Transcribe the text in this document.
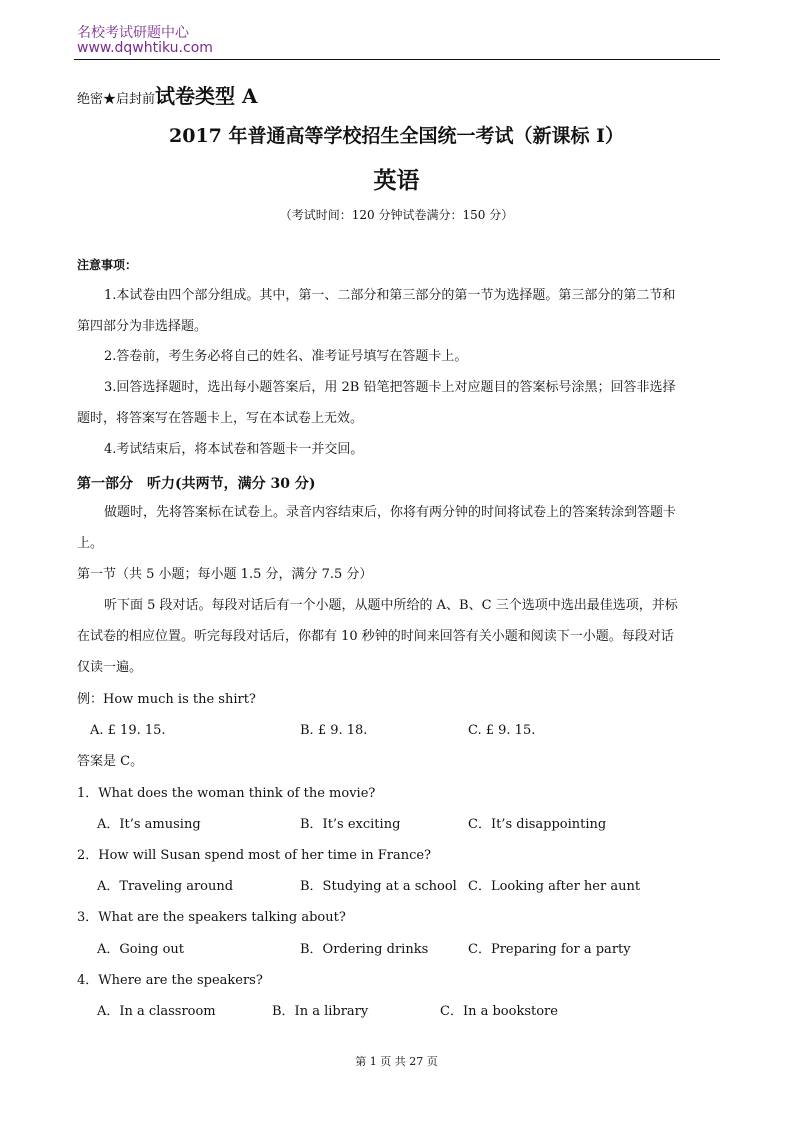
名校考试研题中心
www.dqwhtiku.com
绝密★启封前试卷类型 A
2017 年普通高等学校招生全国统一考试（新课标 I）
英语
（考试时间：120 分钟试卷满分：150 分）
注意事项：
1.本试卷由四个部分组成。其中，第一、二部分和第三部分的第一节为选择题。第三部分的第二节和
第四部分为非选择题。
2.答卷前，考生务必将自己的姓名、准考证号填写在答题卡上。
3.回答选择题时，选出每小题答案后，用 2B 铅笔把答题卡上对应题目的答案标号涂黑；回答非选择
题时，将答案写在答题卡上，写在本试卷上无效。
4.考试结束后，将本试卷和答题卡一并交回。
第一部分　听力(共两节，满分 30 分)
做题时，先将答案标在试卷上。录音内容结束后，你将有两分钟的时间将试卷上的答案转涂到答题卡
上。
第一节（共 5 小题；每小题 1.5 分，满分 7.5 分）
听下面 5 段对话。每段对话后有一个小题，从题中所给的 A、B、C 三个选项中选出最佳选项，并标
在试卷的相应位置。听完每段对话后，你都有 10 秒钟的时间来回答有关小题和阅读下一小题。每段对话
仅读一遍。
例：How much is the shirt?
A. £ 19. 15.	B. £ 9. 18.	C. £ 9. 15.
答案是 C。
1．What does the woman think of the movie?
A．It’s amusing	B．It’s exciting	C．It’s disappointing
2．How will Susan spend most of her time in France?
A．Traveling around	B．Studying at a school C．Looking after her aunt
3．What are the speakers talking about?
A．Going out	B．Ordering drinks	C．Preparing for a party
4．Where are the speakers?
A．In a classroom	B．In a library	C．In a bookstore
第 1 页 共 27 页
